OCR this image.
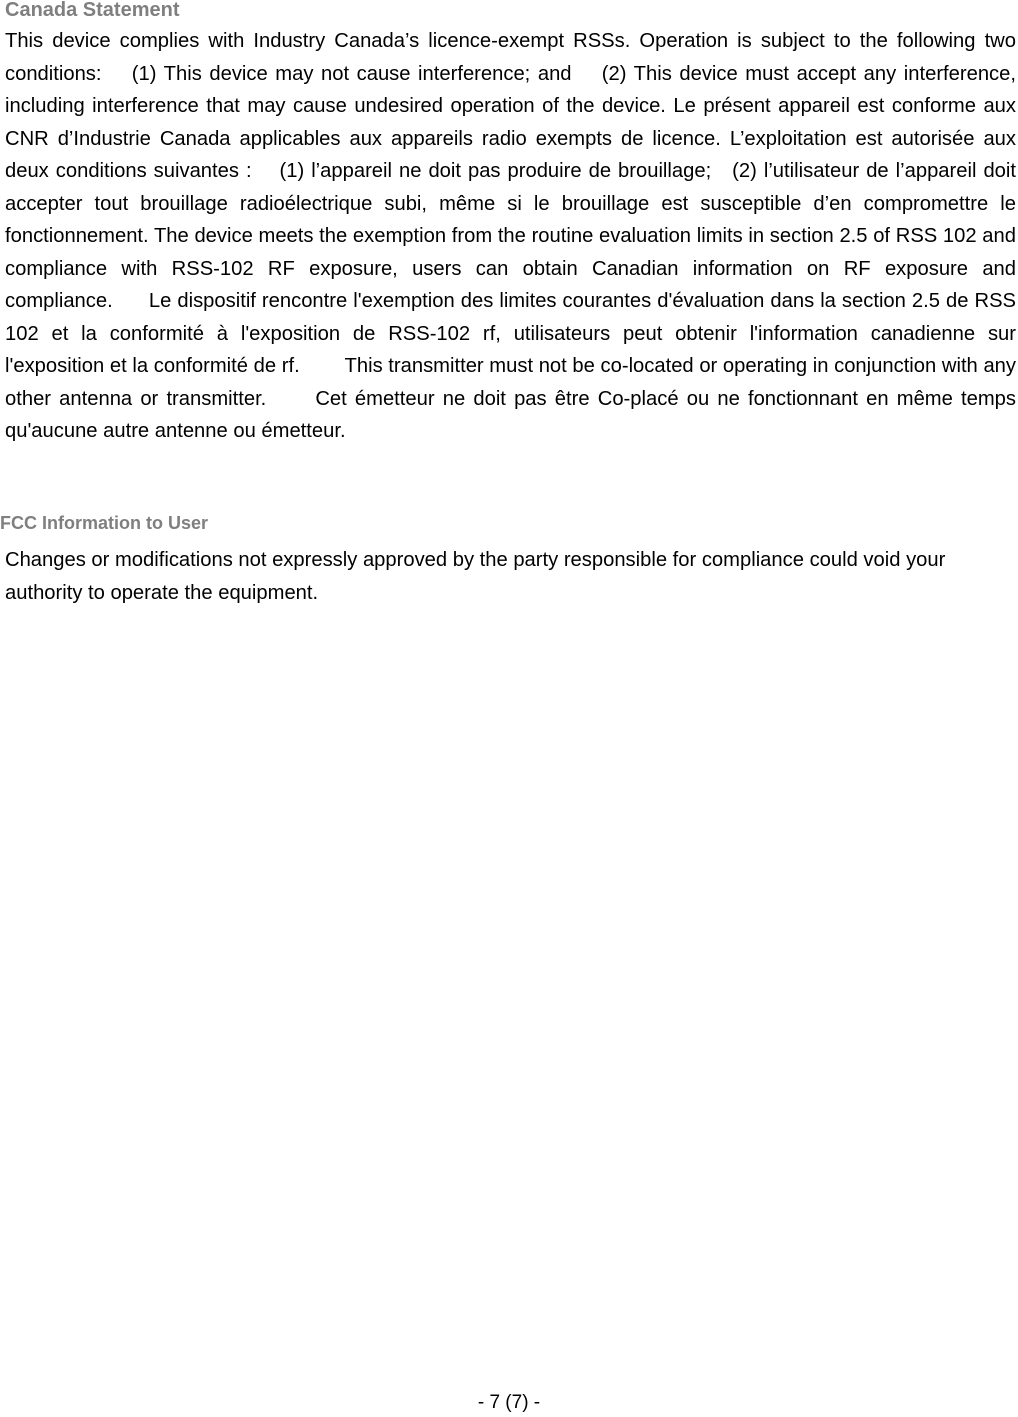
Canada Statement

This device complies with Industry Canada’s licence-exempt RSSs. Operation is subject to the following two conditions:    (1) This device may not cause interference; and    (2) This device must accept any interference, including interference that may cause undesired operation of the device. Le présent appareil est conforme aux CNR d’Industrie Canada applicables aux appareils radio exempts de licence. L’exploitation est autorisée aux deux conditions suivantes :    (1) l’appareil ne doit pas produire de brouillage;   (2) l’utilisateur de l’appareil doit accepter tout brouillage radioélectrique subi, même si le brouillage est susceptible d’en compromettre le fonctionnement. The device meets the exemption from the routine evaluation limits in section 2.5 of RSS 102 and compliance with RSS-102 RF exposure, users can obtain Canadian information on RF exposure and compliance.      Le dispositif rencontre l'exemption des limites courantes d'évaluation dans la section 2.5 de RSS 102 et la conformité à l'exposition de RSS-102 rf, utilisateurs peut obtenir l'information canadienne sur l'exposition et la conformité de rf.        This transmitter must not be co-located or operating in conjunction with any other antenna or transmitter.      Cet émetteur ne doit pas être Co-placé ou ne fonctionnant en même temps qu'aucune autre antenne ou émetteur.

FCC Information to User

Changes or modifications not expressly approved by the party responsible for compliance could void your authority to operate the equipment.

- 7 (7) -
